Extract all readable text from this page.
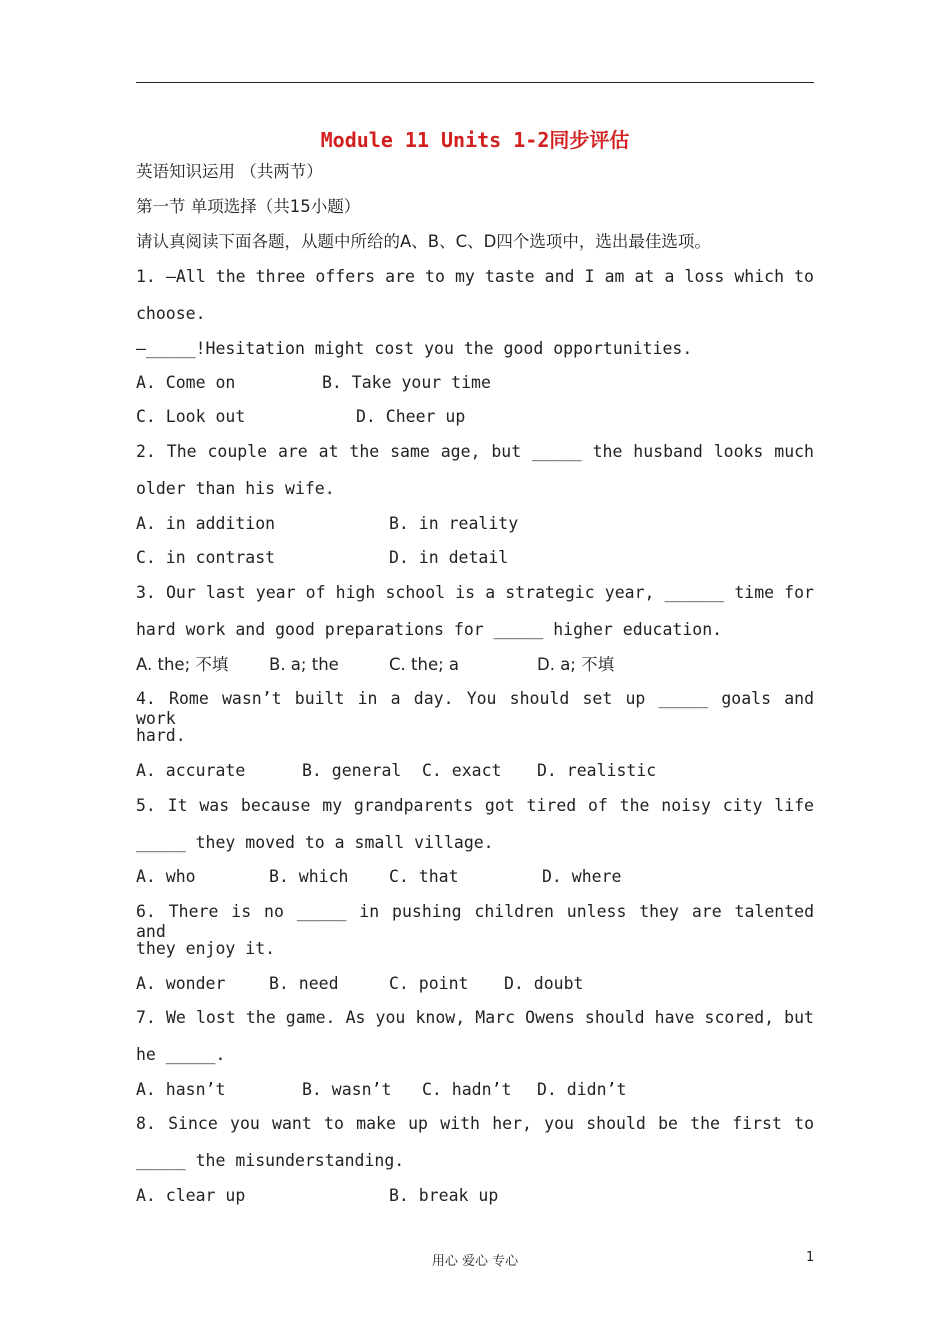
Module 11 Units 1-2同步评估
英语知识运用 （共两节）
第一节 单项选择（共15小题）
请认真阅读下面各题，从题中所给的A、B、C、D四个选项中，选出最佳选项。
1. —All the three offers are to my taste and I am at a loss which to
choose.
—_____!Hesitation might cost you the good opportunities.

A. Come on

	B. Take your time

C. Look out

	D. Cheer up

2. The couple are at the same age, but _____ the husband looks much
older than his wife.

A. in addition

	B. in reality

C. in contrast

	D. in detail

3. Our last year of high school is a strategic year, ______ time for
hard work and good preparations for _____ higher education.

A. the; 不填

B. a; the

	C. the; a

	D. a; 不填

4. Rome wasn’t built in a day. You should set up _____ goals and work
hard.

A. accurate

	B. general

C. exact

D. realistic

5. It was because my grandparents got tired of the noisy city life
_____ they moved to a small village.

A. who

	B. which

C. that

	D. where

6. There is no _____ in pushing children unless they are talented and
they enjoy it.

A. wonder

	B. need

	C. point

D. doubt

7. We lost the game. As you know, Marc Owens should have scored, but
he _____.

A. hasn’t

	B. wasn’t

C. hadn’t

D. didn’t

8. Since you want to make up with her, you should be the first to
_____ the misunderstanding.

A. clear up

	B. break up

用心 爱心 专心	1
